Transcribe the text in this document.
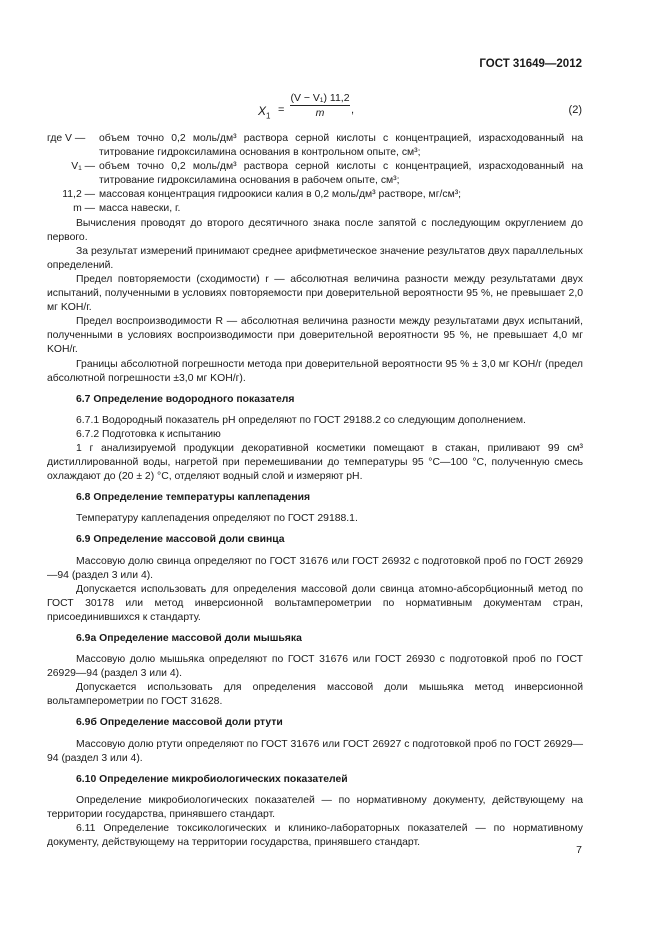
ГОСТ 31649—2012
$X_1 = \frac{\text{(V − V₁) 11,2}}{m}$ ,	(2)
где V —	объем точно 0,2 моль/дм³ раствора серной кислоты с концентрацией, израсходованный на титрование гидроксиламина основания в контрольном опыте, см³;
V₁ — объем точно 0,2 моль/дм³ раствора серной кислоты с концентрацией, израсходованный на титрование гидроксиламина основания в рабочем опыте, см³;
11,2 — массовая концентрация гидроокиси калия в 0,2 моль/дм³ растворе, мг/см³;
m — масса навески, г.

Вычисления проводят до второго десятичного знака после запятой с последующим округлением до первого.

За результат измерений принимают среднее арифметическое значение результатов двух параллельных определений.

Предел повторяемости (сходимости) r — абсолютная величина разности между результатами двух испытаний, полученными в условиях повторяемости при доверительной вероятности 95 %, не превышает 2,0 мг KOH/г.

Предел воспроизводимости R — абсолютная величина разности между результатами двух испытаний, полученными в условиях воспроизводимости при доверительной вероятности 95 %, не превышает 4,0 мг KOH/г.

Границы абсолютной погрешности метода при доверительной вероятности 95 % ± 3,0 мг KOH/г (предел абсолютной погрешности ±3,0 мг KOH/г).

6.7 Определение водородного показателя

6.7.1 Водородный показатель pH определяют по ГОСТ 29188.2 со следующим дополнением.

6.7.2 Подготовка к испытанию

1 г анализируемой продукции декоративной косметики помещают в стакан, приливают 99 см³ дистиллированной воды, нагретой при перемешивании до температуры 95 °C—100 °C, полученную смесь охлаждают до (20 ± 2) °C, отделяют водный слой и измеряют pH.

6.8 Определение температуры каплепадения

Температуру каплепадения определяют по ГОСТ 29188.1.

6.9 Определение массовой доли свинца

Массовую долю свинца определяют по ГОСТ 31676 или ГОСТ 26932 с подготовкой проб по ГОСТ 26929—94 (раздел 3 или 4).

Допускается использовать для определения массовой доли свинца атомно-абсорбционный метод по ГОСТ 30178 или метод инверсионной вольтамперометрии по нормативным документам стран, присоединившихся к стандарту.

6.9а Определение массовой доли мышьяка

Массовую долю мышьяка определяют по ГОСТ 31676 или ГОСТ 26930 с подготовкой проб по ГОСТ 26929—94 (раздел 3 или 4).

Допускается использовать для определения массовой доли мышьяка метод инверсионной вольтамперометрии по ГОСТ 31628.

6.9б Определение массовой доли ртути

Массовую долю ртути определяют по ГОСТ 31676 или ГОСТ 26927 с подготовкой проб по ГОСТ 26929—94 (раздел 3 или 4).

6.10 Определение микробиологических показателей

Определение микробиологических показателей — по нормативному документу, действующему на территории государства, принявшего стандарт.

6.11 Определение токсикологических и клинико-лабораторных показателей — по нормативному документу, действующему на территории государства, принявшего стандарт.

7
